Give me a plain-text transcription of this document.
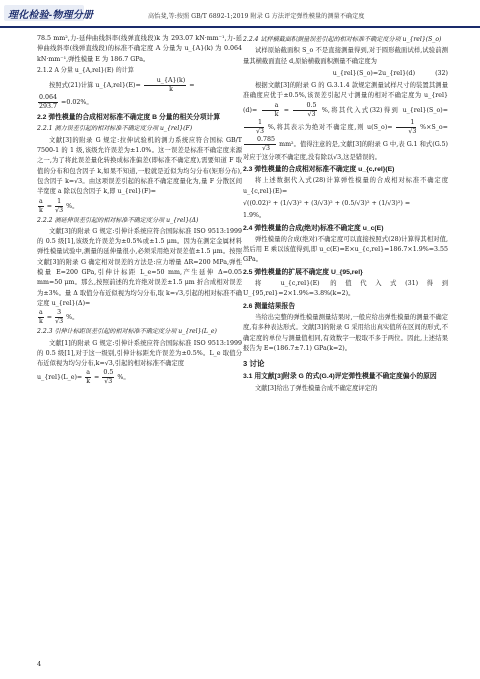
理化检验-物理分册	高怡斐,等:按照 GB/T 6892-1;2019 附录 G 方法评定弹性模量的测量不确定度

78.5 mm²,力-延伸曲线斜率(线弹直线段)k 为 293.07 kN·mm⁻¹,力-延伸曲线斜率(线弹直线段)的标准不确定度 A 分量为 u_{A}(k) 为 0.064 kN·mm⁻¹,弹性模量 E 为 186.7 GPa。

2.1.2 A 分量 u_{A,rel}(E) 的计算

按照式(21)计算 u_{A,rel}(E)= $\frac{u\_\{A\}(k)}{k}$ =

$\frac{0.064}{293.7} =0.02\%$。

2.2 弹性模量的合成相对标准不确定度 B 分量的相关分项计算

2.2.1 测力误差引起的相对标准不确定度分项 u_{rel}(F)

文献[3]的附录 G 规定:拉伸试验机的测力系统应符合国标 GB/T 7500-1 的 1 级,该级允许误差为±1.0%。这一误差是标准不确定度来源之一,为了将此误差量化转换成标准偏差(即标准不确定度),需要知道 F 取值的分布和包含因子 k,如果不知道,一般就是近似为均匀分布(矩形分布),包含因子 k=√3。由这项误差引起的标准不确定度量化为,量 F 分散区间半宽度 a 除以包含因子 k,即 u_{rel}(F)=

$\frac{a}{k} = \frac{1}{√3}$ %。

2.2.2 测延伸误差引起的相对标准不确定度分项 u_{rel}(Δ)

文献[3]的附录 G 规定:引伸计系统应符合国际标准 ISO 9513:1999 的 0.5 级[1],该级允许误差为±0.5%或±1.5 μm。因为在测定金属材料弹性模量试验中,测量的延伸量很小,必须采用绝对误差值±1.5 μm。按照文献[3]的附录 G 确定相对误差的方法是:应力增量 ΔR=200 MPa,弹性模量 E=200 GPa,引伸计标距 L_e=50 mm,产生延伸 Δ=0.05 mm=50 μm。那么,按照前述的允许绝对误差±1.5 μm 折合成相对误差为±3%。量 Δ 取值分布近似视为均匀分布,取 k=√3,引起的相对标准不确定度 u_{rel}(Δ)=

$\frac{a}{k} = \frac{3}{√3}$ %。

2.2.3 引伸计标距误差引起的相对标准不确定度分项 u_{rel}(L_e)

文献[1]的附录 G 规定:引伸计系统应符合国际标准 ISO 9513:1999 的 0.5 级[1],对于这一级别,引伸计标距允许误差为±0.5%。L_e 取值分布近似视为均匀分布,k=√3,引起的相对标准不确定度

u_{rel}(L_e)= $\frac{a}{k} = \frac{0.5}{√3}$ %。

2.2.4 试样横截面积测量误差引起的相对标准不确定度分项 u_{rel}(S_o)

试样原始截面积 S_o 不是直接测量得到,对于圆形截面试样,试验前测量其横截面直径 d,原始横截面积测量不确定度为

u_{rel}(S_o)=2u_{rel}(d)	(32)

根据文献[3]的附录 G 的 G.3.1.4 款规定测量试样尺寸的装置其测量准确度应优于±0.5%,该误差引起尺寸测量的相对不确定度为 u_{rel}(d)= $\frac{a}{k} = \frac{0.5}{√3}$ %,将其代入式(32)得到 u_{rel}(S_o)=
$\frac{1}{√3}$ %,将其表示为绝对不确定度,则 u(S_o)= $\frac{1}{√3}$ %×S_o=
$\frac{0.785}{√3} mm^2$。值得注意的是,文献[3]的附录 G 中,表 G.1 和式(G.5)对应于这分项不确定度,没有除以√3,这是错误的。

2.3 弹性模量的合成相对标准不确定度 u_{c,rel}(E)

将上述数据代入式(28)计算弹性模量的合成相对标准不确定度 u_{c,rel}(E)=

√((0.02)² + (1/√3)² + (3/√3)² + (0.5/√3)² + (1/√3)²) =

1.9%。

2.4 弹性模量的合成(绝对)标准不确定度 u_c(E)

弹性模量的合成(绝对)不确定度可以直接按照式(28)计算得其相对值,然后用 E 乘以该值得到,即 u_c(E)=E×u_{c,rel}=186.7×1.9%=3.55 GPa。

2.5 弹性模量的扩展不确定度 U_{95,rel}

将 u_{c,rel}(E) 的值代入式(31)得到 U_{95,rel}=2×1.9%=3.8%(k=2)。

2.6 测量结果报告

当给出完整的弹性模量测量结果时,一般应给出弹性模量的测量不确定度,有多种表达形式。文献[3]的附录 G 采用给出真实值所在区间的形式,不确定度的单位与测量值相同,有效数字一般取不多于两位。因此,上述结果报告为 E=(186.7±7.1) GPa(k=2)。

3 讨论

3.1 用文献[3]附录 G 的式(G.4)评定弹性模量不确定度偏小的原因

文献[3]给出了弹性模量合成不确定度评定的

4
